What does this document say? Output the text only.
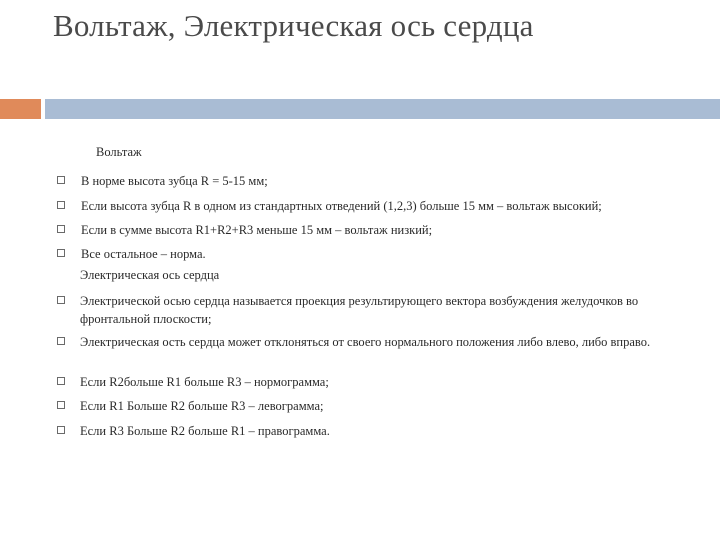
Вольтаж, Электрическая ось сердца
Вольтаж
В норме высота зубца R = 5-15 мм;
Если высота зубца R в одном из стандартных отведений (1,2,3) больше 15 мм – вольтаж высокий;
Если в сумме высота R1+R2+R3 меньше 15 мм – вольтаж низкий;
Все остальное – норма.
Электрическая ось сердца
Электрической осью сердца называется проекция результирующего вектора возбуждения желудочков во фронтальной плоскости;
Электрическая ость сердца может отклоняться от своего нормального положения либо влево, либо вправо.
Если R2больше R1 больше R3 – нормограмма;
Если R1 Больше R2 больше R3 – левограмма;
Если R3 Больше R2 больше R1 – правограмма.
